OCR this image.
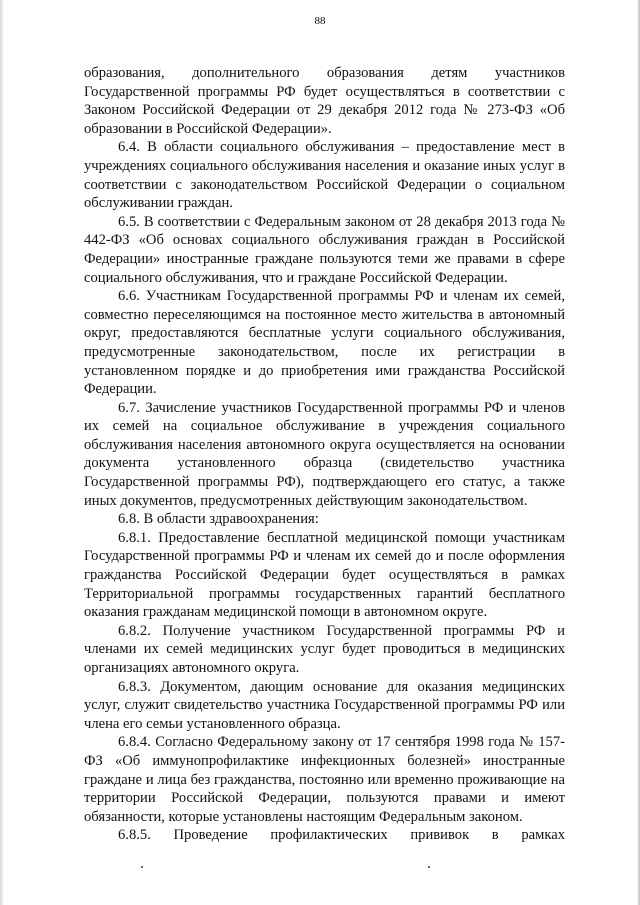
88

образования, дополнительного образования детям участников Государственной программы РФ будет осуществляться в соответствии с Законом Российской Федерации от 29 декабря 2012 года № 273-ФЗ «Об образовании в Российской Федерации».

6.4. В области социального обслуживания – предоставление мест в учреждениях социального обслуживания населения и оказание иных услуг в соответствии с законодательством Российской Федерации о социальном обслуживании граждан.

6.5. В соответствии с Федеральным законом от 28 декабря 2013 года № 442-ФЗ «Об основах социального обслуживания граждан в Российской Федерации» иностранные граждане пользуются теми же правами в сфере социального обслуживания, что и граждане Российской Федерации.

6.6. Участникам Государственной программы РФ и членам их семей, совместно переселяющимся на постоянное место жительства в автономный округ, предоставляются бесплатные услуги социального обслуживания, предусмотренные законодательством, после их регистрации в установленном порядке и до приобретения ими гражданства Российской Федерации.

6.7. Зачисление участников Государственной программы РФ и членов их семей на социальное обслуживание в учреждения социального обслуживания населения автономного округа осуществляется на основании документа установленного образца (свидетельство участника Государственной программы РФ), подтверждающего его статус, а также иных документов, предусмотренных действующим законодательством.

6.8. В области здравоохранения:

6.8.1. Предоставление бесплатной медицинской помощи участникам Государственной программы РФ и членам их семей до и после оформления гражданства Российской Федерации будет осуществляться в рамках Территориальной программы государственных гарантий бесплатного оказания гражданам медицинской помощи в автономном округе.

6.8.2. Получение участником Государственной программы РФ и членами их семей медицинских услуг будет проводиться в медицинских организациях автономного округа.

6.8.3. Документом, дающим основание для оказания медицинских услуг, служит свидетельство участника Государственной программы РФ или члена его семьи установленного образца.

6.8.4. Согласно Федеральному закону от 17 сентября 1998 года № 157-ФЗ «Об иммунопрофилактике инфекционных болезней» иностранные граждане и лица без гражданства, постоянно или временно проживающие на территории Российской Федерации, пользуются правами и имеют обязанности, которые установлены настоящим Федеральным законом.

6.8.5. Проведение профилактических прививок в рамках
